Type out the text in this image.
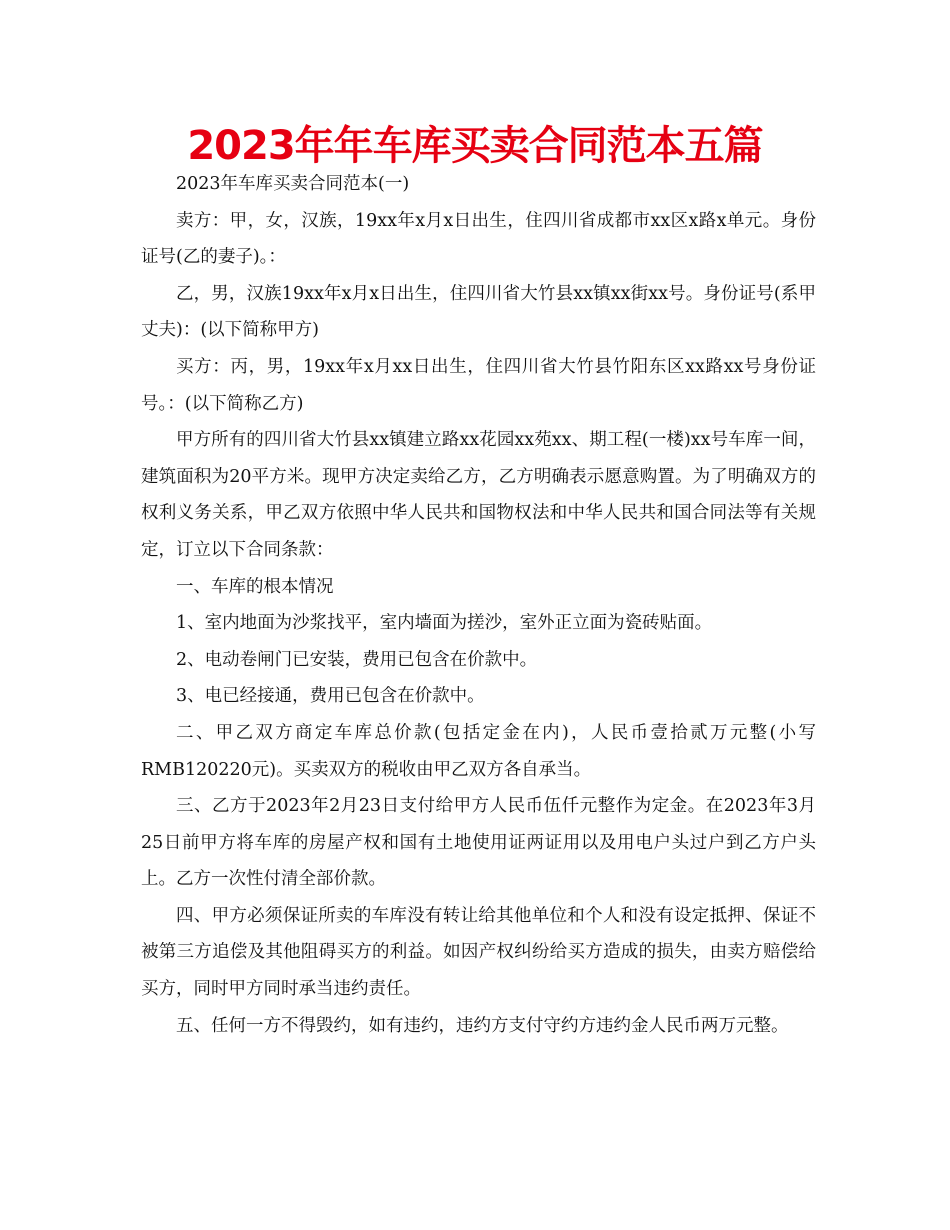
2023年年车库买卖合同范本五篇

2023年车库买卖合同范本(一)

卖方：甲，女，汉族，19xx年x月x日出生，住四川省成都市xx区x路x单元。身份证号(乙的妻子)。：

乙，男，汉族19xx年x月x日出生，住四川省大竹县xx镇xx街xx号。身份证号(系甲丈夫)：(以下简称甲方)

买方：丙，男，19xx年x月xx日出生，住四川省大竹县竹阳东区xx路xx号身份证号。：(以下简称乙方)

甲方所有的四川省大竹县xx镇建立路xx花园xx苑xx、期工程(一楼)xx号车库一间，建筑面积为20平方米。现甲方决定卖给乙方，乙方明确表示愿意购置。为了明确双方的权利义务关系，甲乙双方依照中华人民共和国物权法和中华人民共和国合同法等有关规定，订立以下合同条款：

一、车库的根本情况

1、室内地面为沙浆找平，室内墙面为搓沙，室外正立面为瓷砖贴面。

2、电动卷闸门已安装，费用已包含在价款中。

3、电已经接通，费用已包含在价款中。

二、甲乙双方商定车库总价款(包括定金在内)，人民币壹拾贰万元整(小写RMB120220元)。买卖双方的税收由甲乙双方各自承当。

三、乙方于2023年2月23日支付给甲方人民币伍仟元整作为定金。在2023年3月25日前甲方将车库的房屋产权和国有土地使用证两证用以及用电户头过户到乙方户头上。乙方一次性付清全部价款。

四、甲方必须保证所卖的车库没有转让给其他单位和个人和没有设定抵押、保证不被第三方追偿及其他阻碍买方的利益。如因产权纠纷给买方造成的损失，由卖方赔偿给买方，同时甲方同时承当违约责任。

五、任何一方不得毁约，如有违约，违约方支付守约方违约金人民币两万元整。
